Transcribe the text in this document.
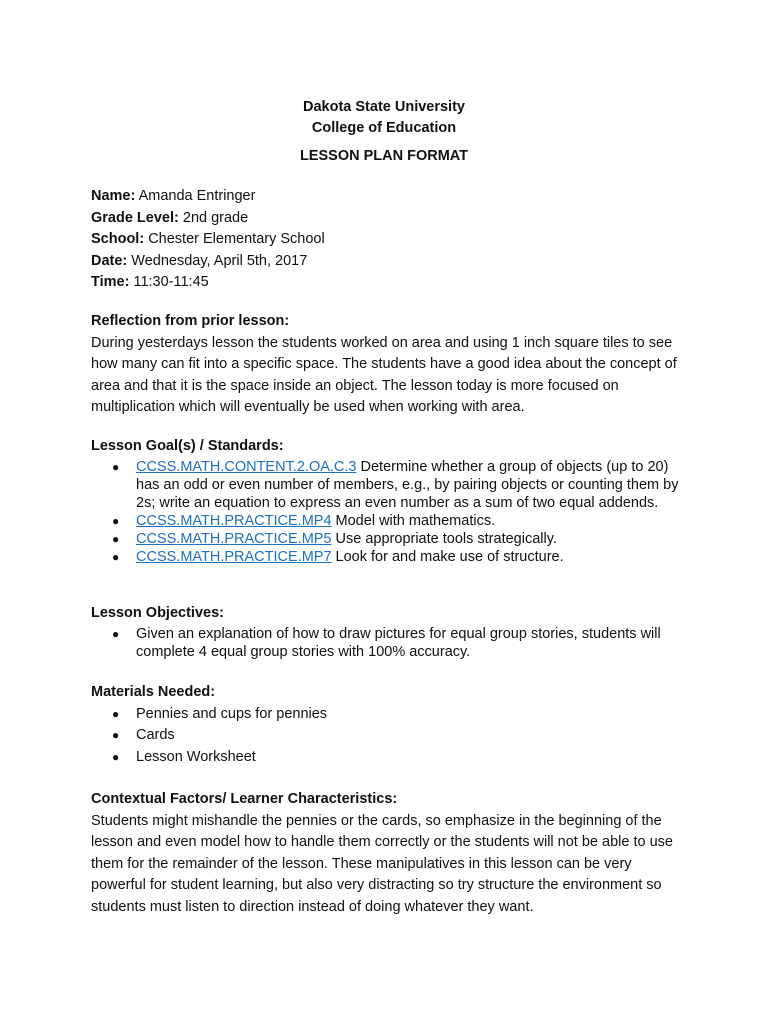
Dakota State University
College of Education
LESSON PLAN FORMAT
Name: Amanda Entringer
Grade Level: 2nd grade
School: Chester Elementary School
Date: Wednesday, April 5th, 2017
Time: 11:30-11:45
Reflection from prior lesson:

During yesterdays lesson the students worked on area and using 1 inch square tiles to see how many can fit into a specific space. The students have a good idea about the concept of area and that it is the space inside an object. The lesson today is more focused on multiplication which will eventually be used when working with area.

Lesson Goal(s) / Standards:
● CCSS.MATH.CONTENT.2.OA.C.3 Determine whether a group of objects (up to 20) has an odd or even number of members, e.g., by pairing objects or counting them by 2s; write an equation to express an even number as a sum of two equal addends.
● CCSS.MATH.PRACTICE.MP4 Model with mathematics.
● CCSS.MATH.PRACTICE.MP5 Use appropriate tools strategically.
● CCSS.MATH.PRACTICE.MP7 Look for and make use of structure.
Lesson Objectives:
● Given an explanation of how to draw pictures for equal group stories, students will complete 4 equal group stories with 100% accuracy.
Materials Needed:
● Pennies and cups for pennies
● Cards
● Lesson Worksheet
Contextual Factors/ Learner Characteristics:

Students might mishandle the pennies or the cards, so emphasize in the beginning of the lesson and even model how to handle them correctly or the students will not be able to use them for the remainder of the lesson. These manipulatives in this lesson can be very powerful for student learning, but also very distracting so try structure the environment so students must listen to direction instead of doing whatever they want.
